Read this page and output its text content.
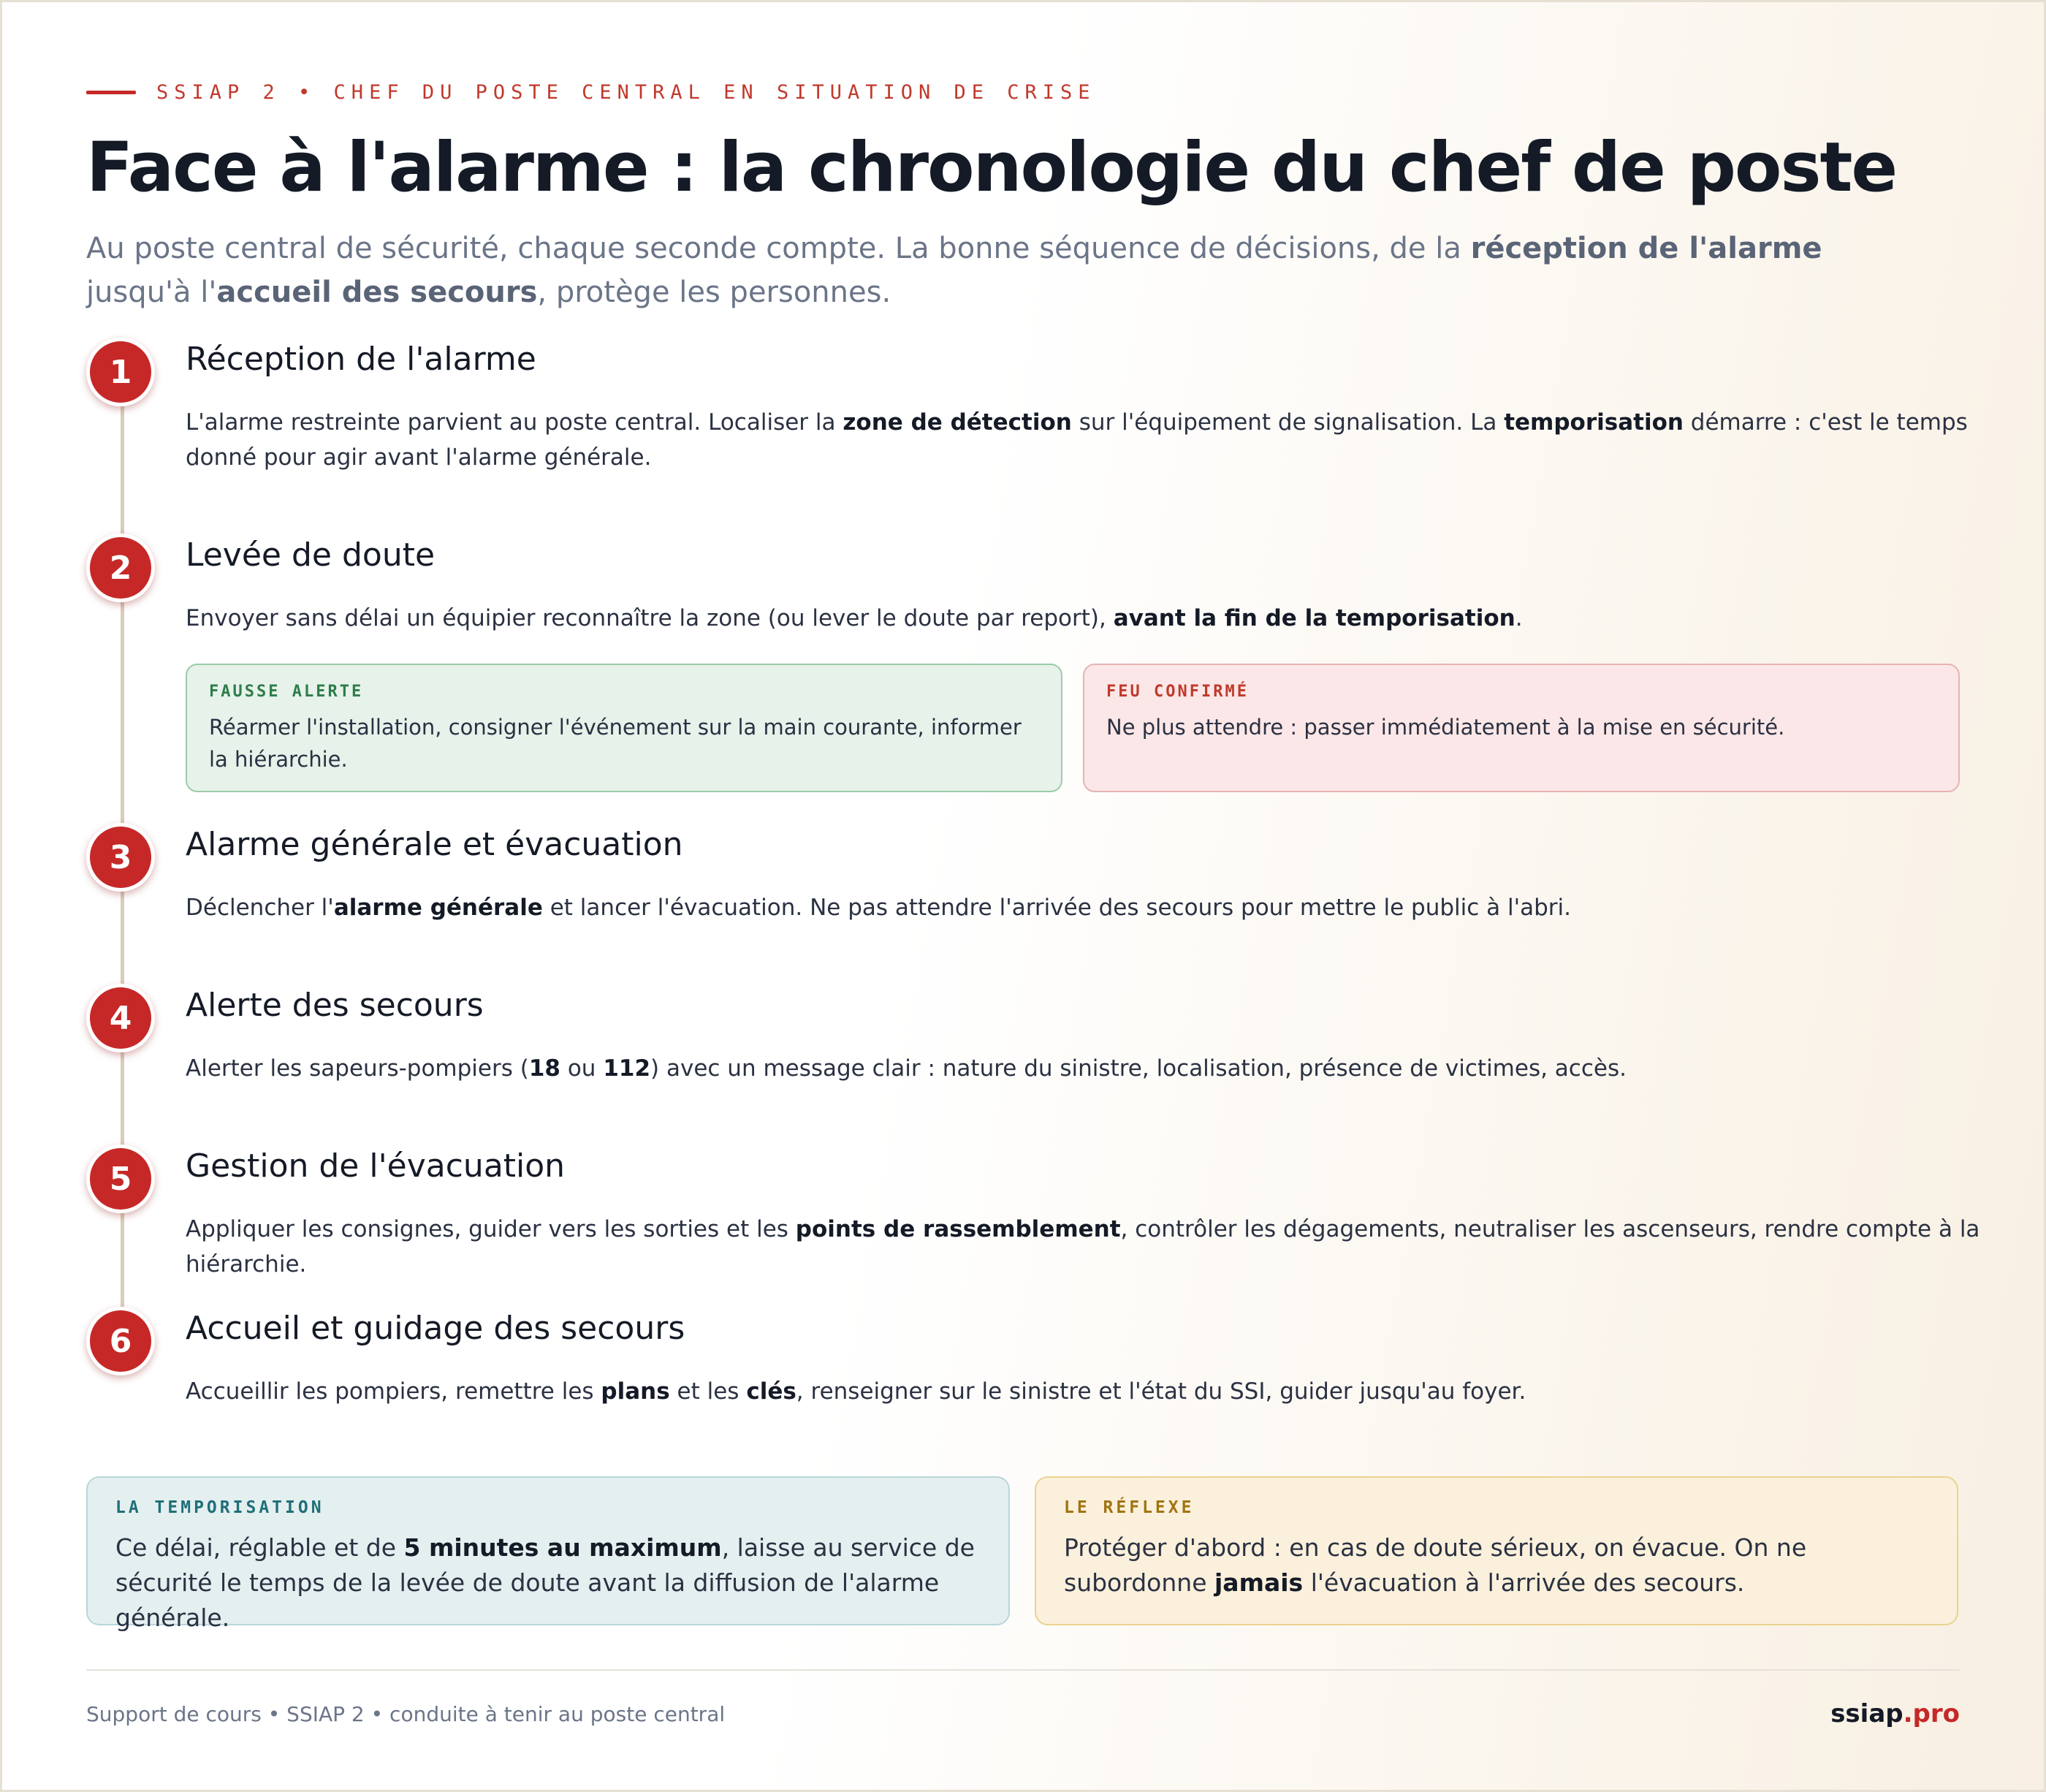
SSIAP 2 • CHEF DU POSTE CENTRAL EN SITUATION DE CRISE
Face à l'alarme : la chronologie du chef de poste

Au poste central de sécurité, chaque seconde compte. La bonne séquence de décisions, de la réception de l'alarme jusqu'à l'accueil des secours, protège les personnes.

1	Réception de l'alarme

L'alarme restreinte parvient au poste central. Localiser la zone de détection sur l'équipement de signalisation. La temporisation démarre : c'est le temps donné pour agir avant l'alarme générale.

2	Levée de doute

Envoyer sans délai un équipier reconnaître la zone (ou lever le doute par report), avant la fin de la temporisation.

FAUSSE ALERTE
Réarmer l'installation, consigner l'événement sur la main courante, informer la hiérarchie.
FEU CONFIRMÉ
Ne plus attendre : passer immédiatement à la mise en sécurité.
3	Alarme générale et évacuation

Déclencher l'alarme générale et lancer l'évacuation. Ne pas attendre l'arrivée des secours pour mettre le public à l'abri.

4	Alerte des secours

Alerter les sapeurs-pompiers (18 ou 112) avec un message clair : nature du sinistre, localisation, présence de victimes, accès.

5	Gestion de l'évacuation

Appliquer les consignes, guider vers les sorties et les points de rassemblement, contrôler les dégagements, neutraliser les ascenseurs, rendre compte à la hiérarchie.

6	Accueil et guidage des secours

Accueillir les pompiers, remettre les plans et les clés, renseigner sur le sinistre et l'état du SSI, guider jusqu'au foyer.

LA TEMPORISATION
Ce délai, réglable et de 5 minutes au maximum, laisse au service de sécurité le temps de la levée de doute avant la diffusion de l'alarme générale.
LE RÉFLEXE
Protéger d'abord : en cas de doute sérieux, on évacue. On ne subordonne jamais l'évacuation à l'arrivée des secours.
Support de cours • SSIAP 2 • conduite à tenir au poste central	ssiap.pro
